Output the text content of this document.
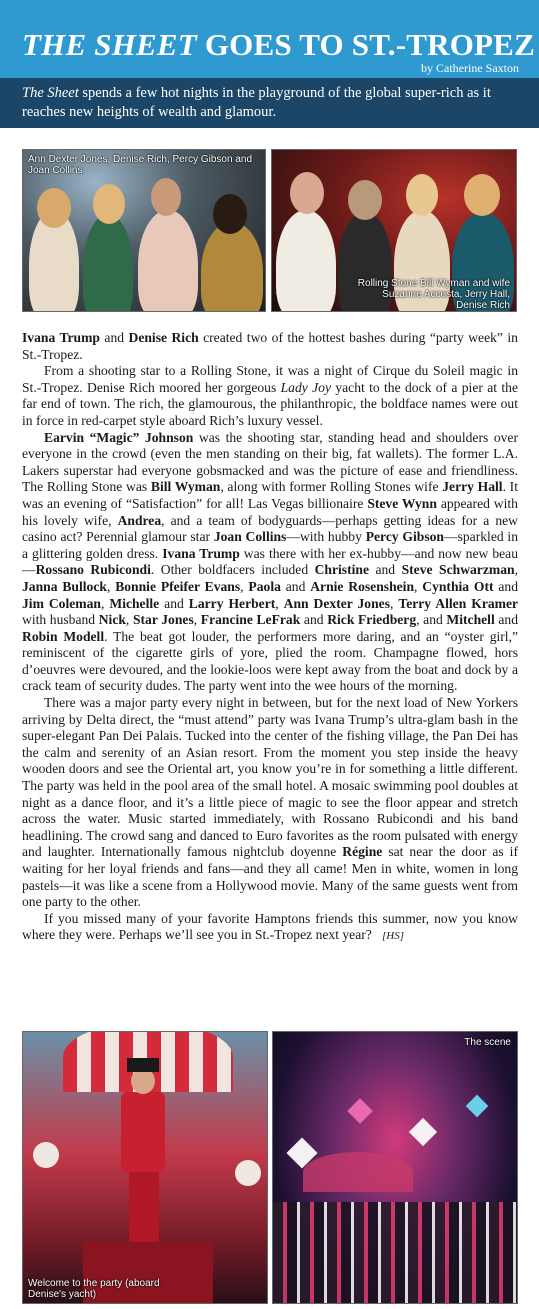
THE SHEET GOES TO ST.-TROPEZ
by Catherine Saxton

The Sheet spends a few hot nights in the playground of the global super-rich as it reaches new heights of wealth and glamour.

Ann Dexter Jones, Denise Rich, Percy Gibson and Joan Collins
Rolling Stone Bill Wyman and wife Suzanne Accosta, Jerry Hall, Denise Rich

Ivana Trump and Denise Rich created two of the hottest bashes during “party week” in St.-Tropez.

From a shooting star to a Rolling Stone, it was a night of Cirque du Soleil magic in St.-Tropez. Denise Rich moored her gorgeous Lady Joy yacht to the dock of a pier at the far end of town. The rich, the glamourous, the philanthropic, the boldface names were out in force in red-carpet style aboard Rich’s luxury vessel.

Earvin “Magic” Johnson was the shooting star, standing head and shoulders over everyone in the crowd (even the men standing on their big, fat wallets). The former L.A. Lakers superstar had everyone gobsmacked and was the picture of ease and friendliness. The Rolling Stone was Bill Wyman, along with former Rolling Stones wife Jerry Hall. It was an evening of “Satisfaction” for all! Las Vegas billionaire Steve Wynn appeared with his lovely wife, Andrea, and a team of bodyguards—perhaps getting ideas for a new casino act? Perennial glamour star Joan Collins—with hubby Percy Gibson—sparkled in a glittering golden dress. Ivana Trump was there with her ex-hubby—and now new beau—Rossano Rubicondi. Other boldfacers included Christine and Steve Schwarzman, Janna Bullock, Bonnie Pfeifer Evans, Paola and Arnie Rosenshein, Cynthia Ott and Jim Coleman, Michelle and Larry Herbert, Ann Dexter Jones, Terry Allen Kramer with husband Nick, Star Jones, Francine LeFrak and Rick Friedberg, and Mitchell and Robin Modell. The beat got louder, the performers more daring, and an “oyster girl,” reminiscent of the cigarette girls of yore, plied the room. Champagne flowed, hors d’oeuvres were devoured, and the lookie-loos were kept away from the boat and dock by a crack team of security dudes. The party went into the wee hours of the morning.

There was a major party every night in between, but for the next load of New Yorkers arriving by Delta direct, the “must attend” party was Ivana Trump’s ultra-glam bash in the super-elegant Pan Dei Palais. Tucked into the center of the fishing village, the Pan Dei has the calm and serenity of an Asian resort. From the moment you step inside the heavy wooden doors and see the Oriental art, you know you’re in for something a little different. The party was held in the pool area of the small hotel. A mosaic swimming pool doubles at night as a dance floor, and it’s a little piece of magic to see the floor appear and stretch across the water. Music started immediately, with Rossano Rubicondi and his band headlining. The crowd sang and danced to Euro favorites as the room pulsated with energy and laughter. Internationally famous nightclub doyenne Régine sat near the door as if waiting for her loyal friends and fans—and they all came! Men in white, women in long pastels—it was like a scene from a Hollywood movie. Many of the same guests went from one party to the other.

If you missed many of your favorite Hamptons friends this summer, now you know where they were. Perhaps we’ll see you in St.-Tropez next year?   [HS]

Welcome to the party (aboard Denise's yacht)
The scene
